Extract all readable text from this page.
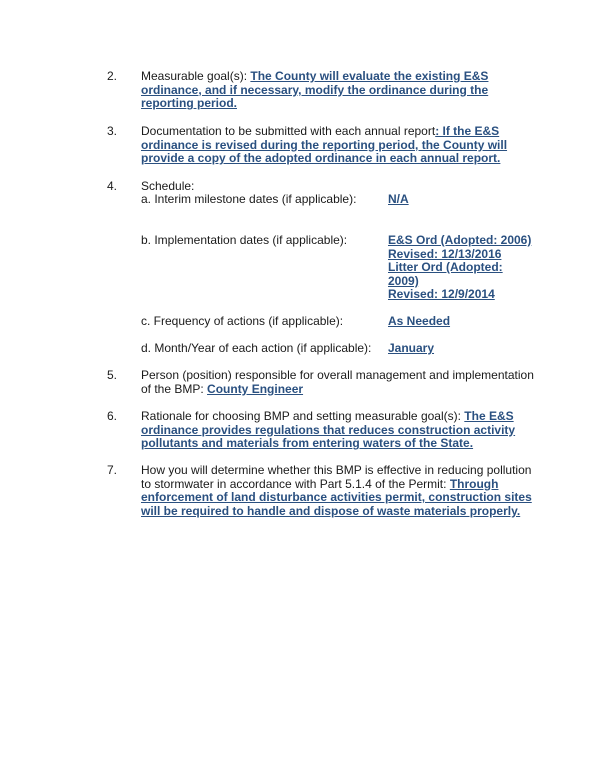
2. Measurable goal(s): The County will evaluate the existing E&S ordinance, and if necessary, modify the ordinance during the reporting period.
3. Documentation to be submitted with each annual report: If the E&S ordinance is revised during the reporting period, the County will provide a copy of the adopted ordinance in each annual report.
4. Schedule:
a. Interim milestone dates (if applicable):	N/A
b. Implementation dates (if applicable):	E&S Ord (Adopted: 2006)
Revised: 12/13/2016
Litter Ord (Adopted:
2009)
Revised: 12/9/2014
c. Frequency of actions (if applicable):	As Needed
d. Month/Year of each action (if applicable): January
5. Person (position) responsible for overall management and implementation of the BMP: County Engineer
6. Rationale for choosing BMP and setting measurable goal(s): The E&S ordinance provides regulations that reduces construction activity pollutants and materials from entering waters of the State.
7. How you will determine whether this BMP is effective in reducing pollution to stormwater in accordance with Part 5.1.4 of the Permit: Through enforcement of land disturbance activities permit, construction sites will be required to handle and dispose of waste materials properly.
